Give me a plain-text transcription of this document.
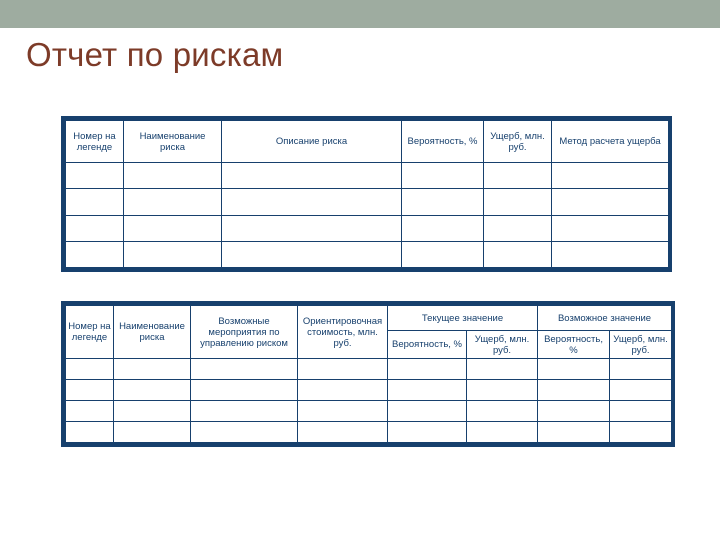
Отчет по рискам
Номер на легенде	Наименование риска	Описание риска	Вероятность, %	Ущерб, млн. руб.	Метод расчета ущерба

Номер на легенде	Наименование риска	Возможные мероприятия по управлению риском	Ориентировочная стоимость, млн. руб.	Текущее значение		Возможное значение	
				Вероятность, %	Ущерб, млн. руб.	Вероятность, %	Ущерб, млн. руб.
